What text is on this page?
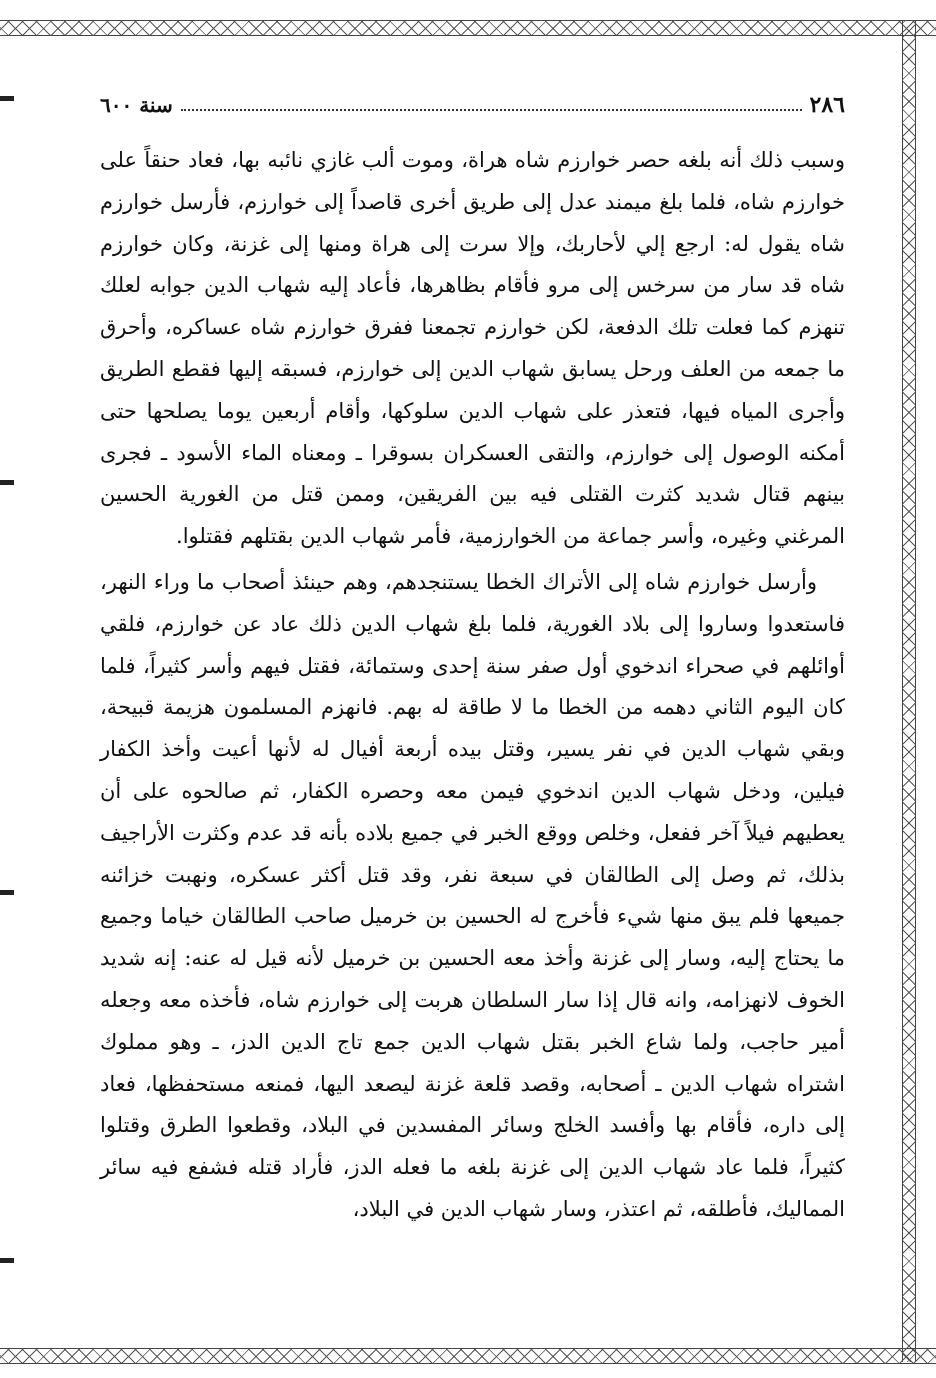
٢٨٦
سنة ٦٠٠

وسبب ذلك أنه بلغه حصر خوارزم شاه هراة، وموت ألب غازي نائبه بها، فعاد حنقاً على خوارزم شاه، فلما بلغ ميمند عدل إلى طريق أخرى قاصداً إلى خوارزم، فأرسل خوارزم شاه يقول له: ارجع إلي لأحاربك، وإلا سرت إلى هراة ومنها إلى غزنة، وكان خوارزم شاه قد سار من سرخس إلى مرو فأقام بظاهرها، فأعاد إليه شهاب الدين جوابه لعلك تنهزم كما فعلت تلك الدفعة، لكن خوارزم تجمعنا ففرق خوارزم شاه عساكره، وأحرق ما جمعه من العلف ورحل يسابق شهاب الدين إلى خوارزم، فسبقه إليها فقطع الطريق وأجرى المياه فيها، فتعذر على شهاب الدين سلوكها، وأقام أربعين يوما يصلحها حتى أمكنه الوصول إلى خوارزم، والتقى العسكران بسوقرا ـ ومعناه الماء الأسود ـ فجرى بينهم قتال شديد كثرت القتلى فيه بين الفريقين، وممن قتل من الغورية الحسين المرغني وغيره، وأسر جماعة من الخوارزمية، فأمر شهاب الدين بقتلهم فقتلوا.

وأرسل خوارزم شاه إلى الأتراك الخطا يستنجدهم، وهم حينئذ أصحاب ما وراء النهر، فاستعدوا وساروا إلى بلاد الغورية، فلما بلغ شهاب الدين ذلك عاد عن خوارزم، فلقي أوائلهم في صحراء اندخوي أول صفر سنة إحدى وستمائة، فقتل فيهم وأسر كثيراً، فلما كان اليوم الثاني دهمه من الخطا ما لا طاقة له بهم. فانهزم المسلمون هزيمة قبيحة، وبقي شهاب الدين في نفر يسير، وقتل بيده أربعة أفيال له لأنها أعيت وأخذ الكفار فيلين، ودخل شهاب الدين اندخوي فيمن معه وحصره الكفار، ثم صالحوه على أن يعطيهم فيلاً آخر ففعل، وخلص ووقع الخبر في جميع بلاده بأنه قد عدم وكثرت الأراجيف بذلك، ثم وصل إلى الطالقان في سبعة نفر، وقد قتل أكثر عسكره، ونهبت خزائنه جميعها فلم يبق منها شيء فأخرج له الحسين بن خرميل صاحب الطالقان خياما وجميع ما يحتاج إليه، وسار إلى غزنة وأخذ معه الحسين بن خرميل لأنه قيل له عنه: إنه شديد الخوف لانهزامه، وانه قال إذا سار السلطان هربت إلى خوارزم شاه، فأخذه معه وجعله أمير حاجب، ولما شاع الخبر بقتل شهاب الدين جمع تاج الدين الدز، ـ وهو مملوك اشتراه شهاب الدين ـ أصحابه، وقصد قلعة غزنة ليصعد اليها، فمنعه مستحفظها، فعاد إلى داره، فأقام بها وأفسد الخلج وسائر المفسدين في البلاد، وقطعوا الطرق وقتلوا كثيراً، فلما عاد شهاب الدين إلى غزنة بلغه ما فعله الدز، فأراد قتله فشفع فيه سائر المماليك، فأطلقه، ثم اعتذر، وسار شهاب الدين في البلاد،
